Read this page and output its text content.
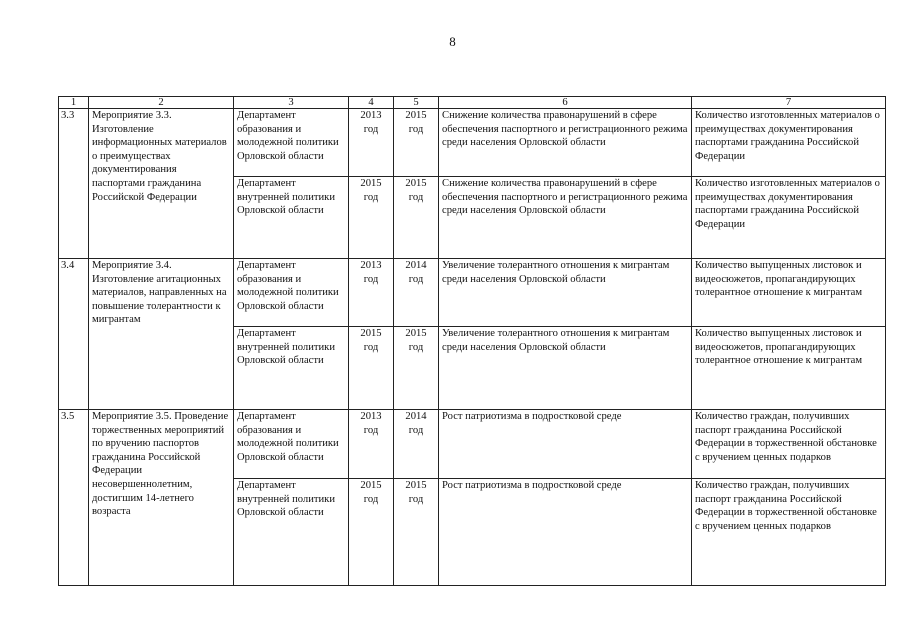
8
1	2	3	4	5	6	7
3.3	Мероприятие 3.3. Изготовление информационных материалов о преимуществах документирования паспортами гражданина Российской Федерации	Департамент образования и молодежной политики Орловской области	2013 год	2015 год	Снижение количества правонарушений в сфере обеспечения паспортного и регистрационного режима среди населения Орловской области	Количество изготовленных материалов о преимуществах документирования паспортами гражданина Российской Федерации
		Департамент внутренней политики Орловской области	2015 год	2015 год	Снижение количества правонарушений в сфере обеспечения паспортного и регистрационного режима среди населения Орловской области	Количество изготовленных материалов о преимуществах документирования паспортами гражданина Российской Федерации
3.4	Мероприятие 3.4. Изготовление агитационных материалов, направленных на повышение толерантности к мигрантам	Департамент образования и молодежной политики Орловской области	2013 год	2014 год	Увеличение толерантного отношения к мигрантам среди населения Орловской области	Количество выпущенных листовок и видеосюжетов, пропагандирующих толерантное отношение к мигрантам
		Департамент внутренней политики Орловской области	2015 год	2015 год	Увеличение толерантного отношения к мигрантам среди населения Орловской области	Количество выпущенных листовок и видеосюжетов, пропагандирующих толерантное отношение к мигрантам
3.5	Мероприятие 3.5. Проведение торжественных мероприятий по вручению паспортов гражданина Российской Федерации несовершеннолетним, достигшим 14-летнего возраста	Департамент образования и молодежной политики Орловской области	2013 год	2014 год	Рост патриотизма в подростковой среде	Количество граждан, получивших паспорт гражданина Российской Федерации в торжественной обстановке с вручением ценных подарков
		Департамент внутренней политики Орловской области	2015 год	2015 год	Рост патриотизма в подростковой среде	Количество граждан, получивших паспорт гражданина Российской Федерации в торжественной обстановке с вручением ценных подарков
